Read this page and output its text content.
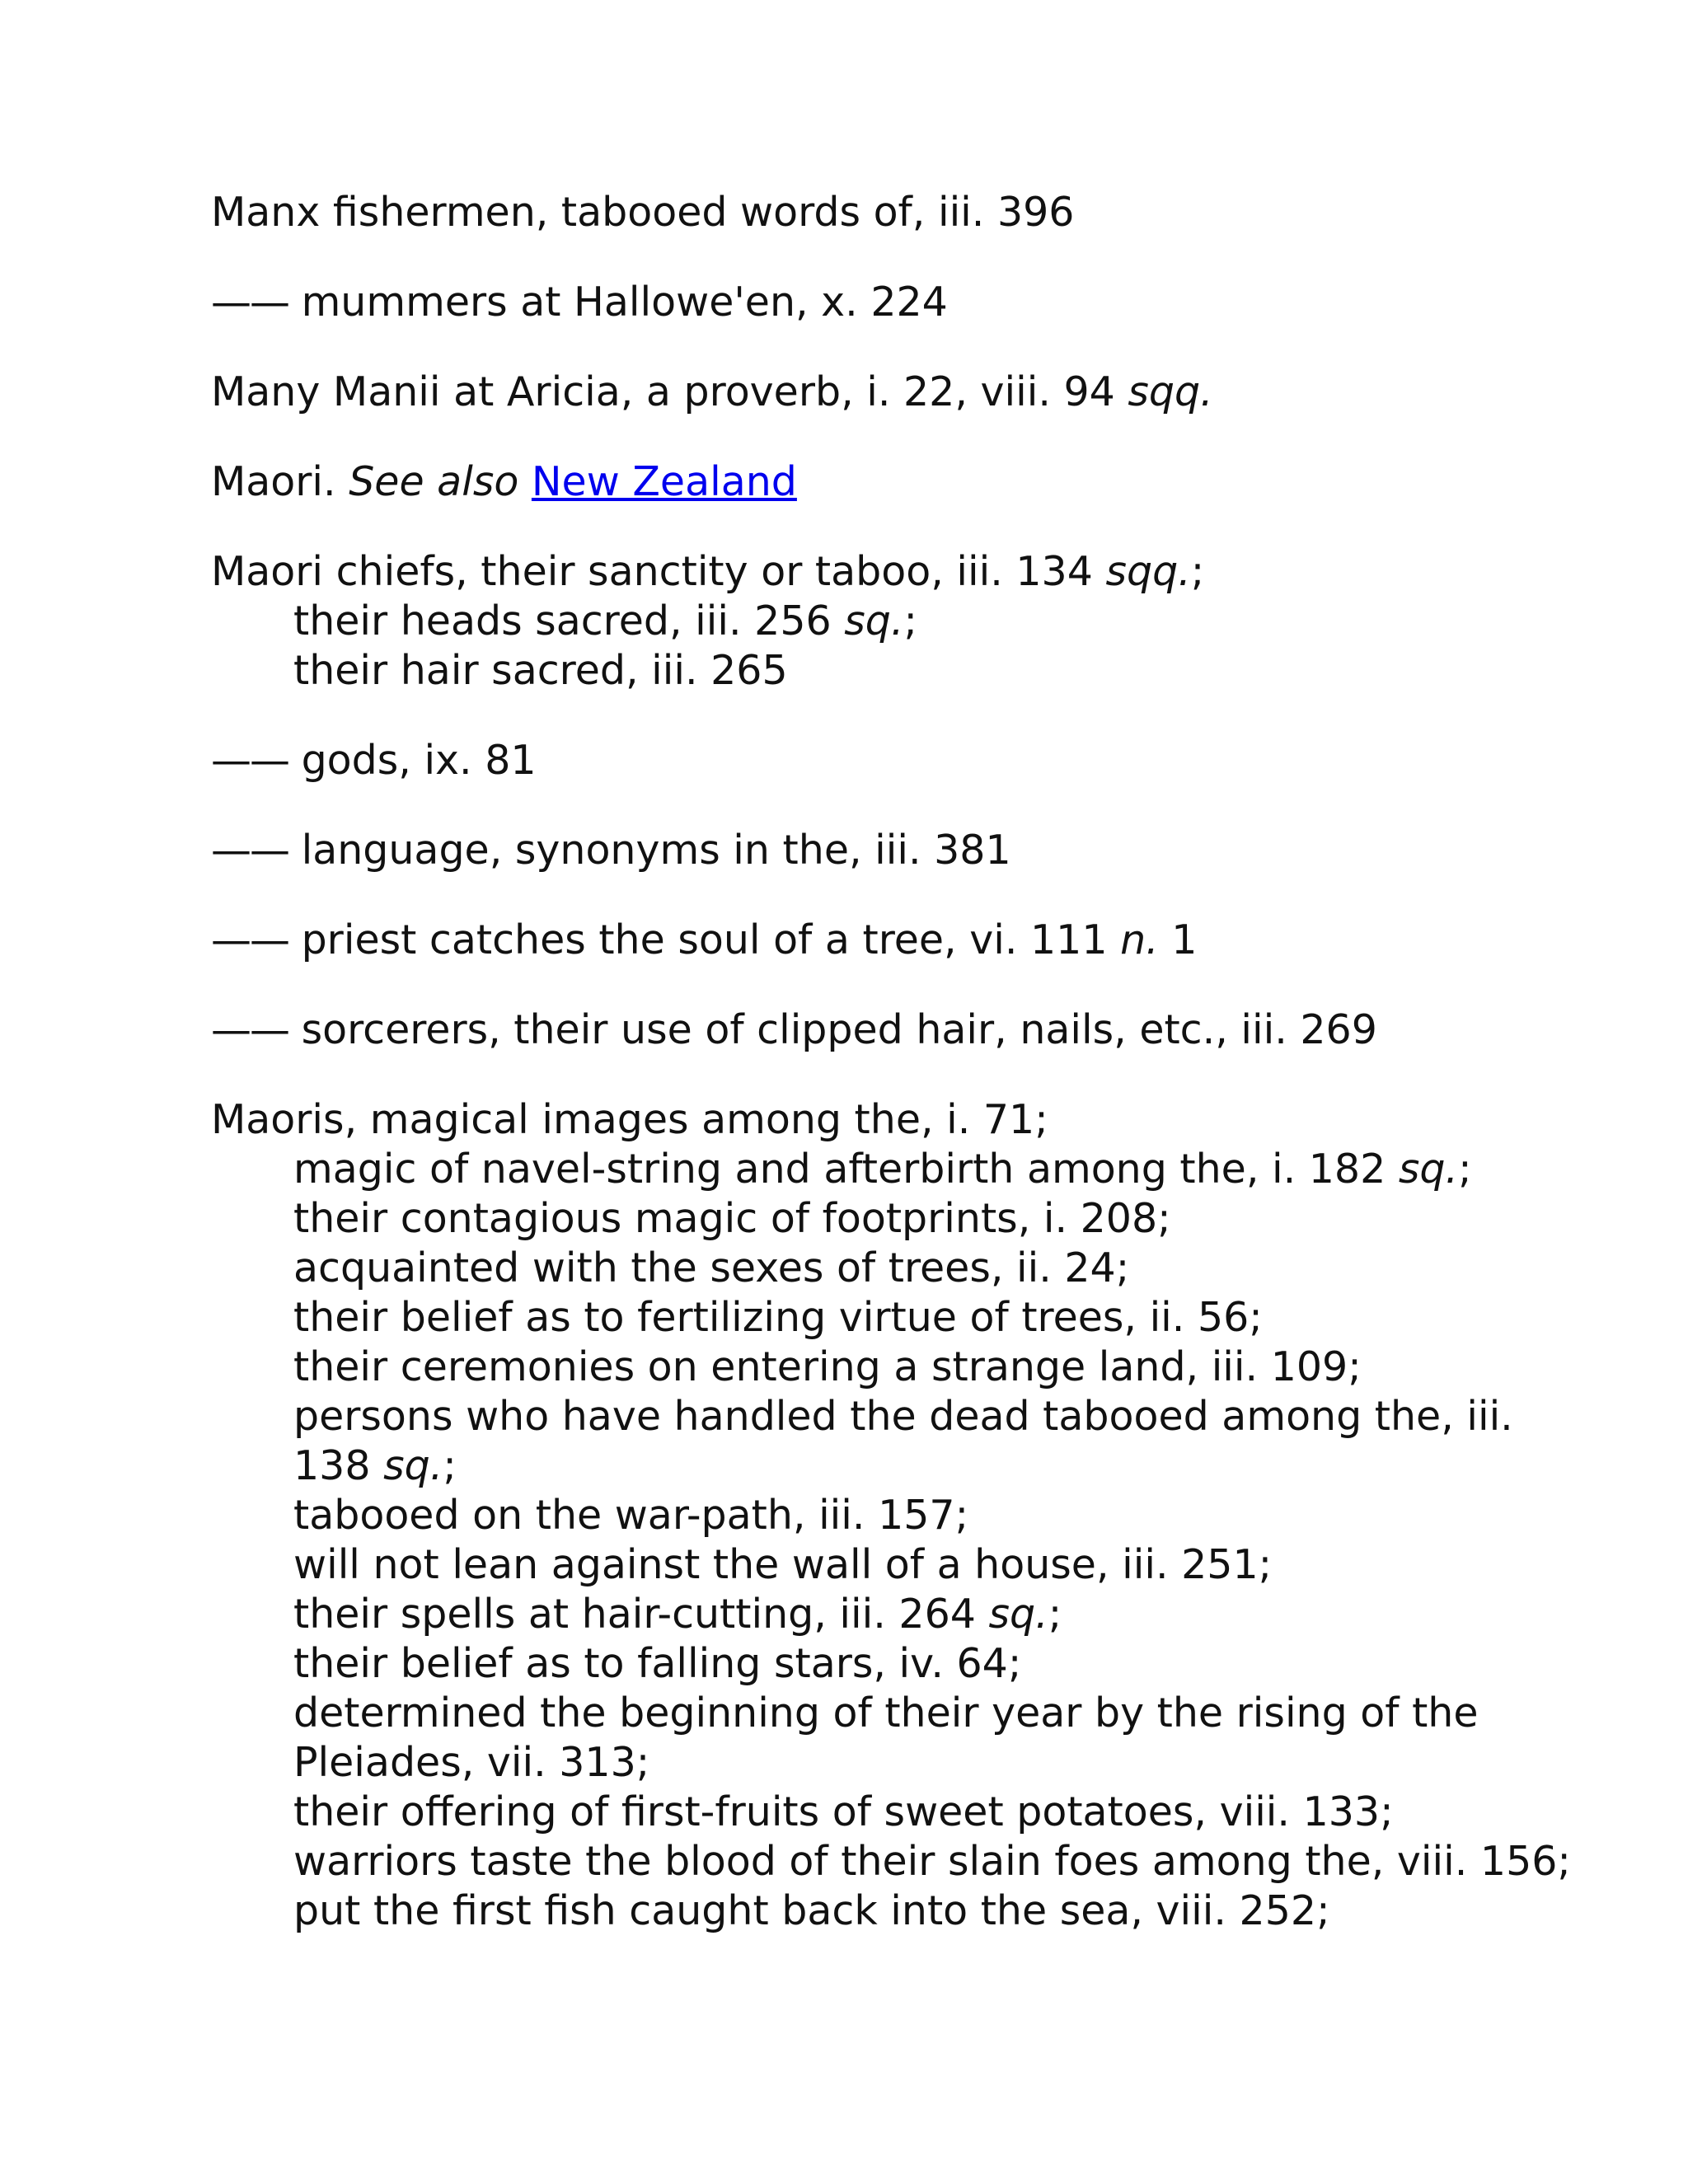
Manx fishermen, tabooed words of, iii. 396
—— mummers at Hallowe'en, x. 224
Many Manii at Aricia, a proverb, i. 22, viii. 94 sqq.
Maori. See also New Zealand
Maori chiefs, their sanctity or taboo, iii. 134 sqq.;
their heads sacred, iii. 256 sq.;
their hair sacred, iii. 265
—— gods, ix. 81
—— language, synonyms in the, iii. 381
—— priest catches the soul of a tree, vi. 111 n. 1
—— sorcerers, their use of clipped hair, nails, etc., iii. 269
Maoris, magical images among the, i. 71;
magic of navel-string and afterbirth among the, i. 182 sq.;
their contagious magic of footprints, i. 208;
acquainted with the sexes of trees, ii. 24;
their belief as to fertilizing virtue of trees, ii. 56;
their ceremonies on entering a strange land, iii. 109;
persons who have handled the dead tabooed among the, iii. 138 sq.;
tabooed on the war-path, iii. 157;
will not lean against the wall of a house, iii. 251;
their spells at hair-cutting, iii. 264 sq.;
their belief as to falling stars, iv. 64;
determined the beginning of their year by the rising of the Pleiades, vii. 313;
their offering of first-fruits of sweet potatoes, viii. 133;
warriors taste the blood of their slain foes among the, viii. 156;
put the first fish caught back into the sea, viii. 252;
